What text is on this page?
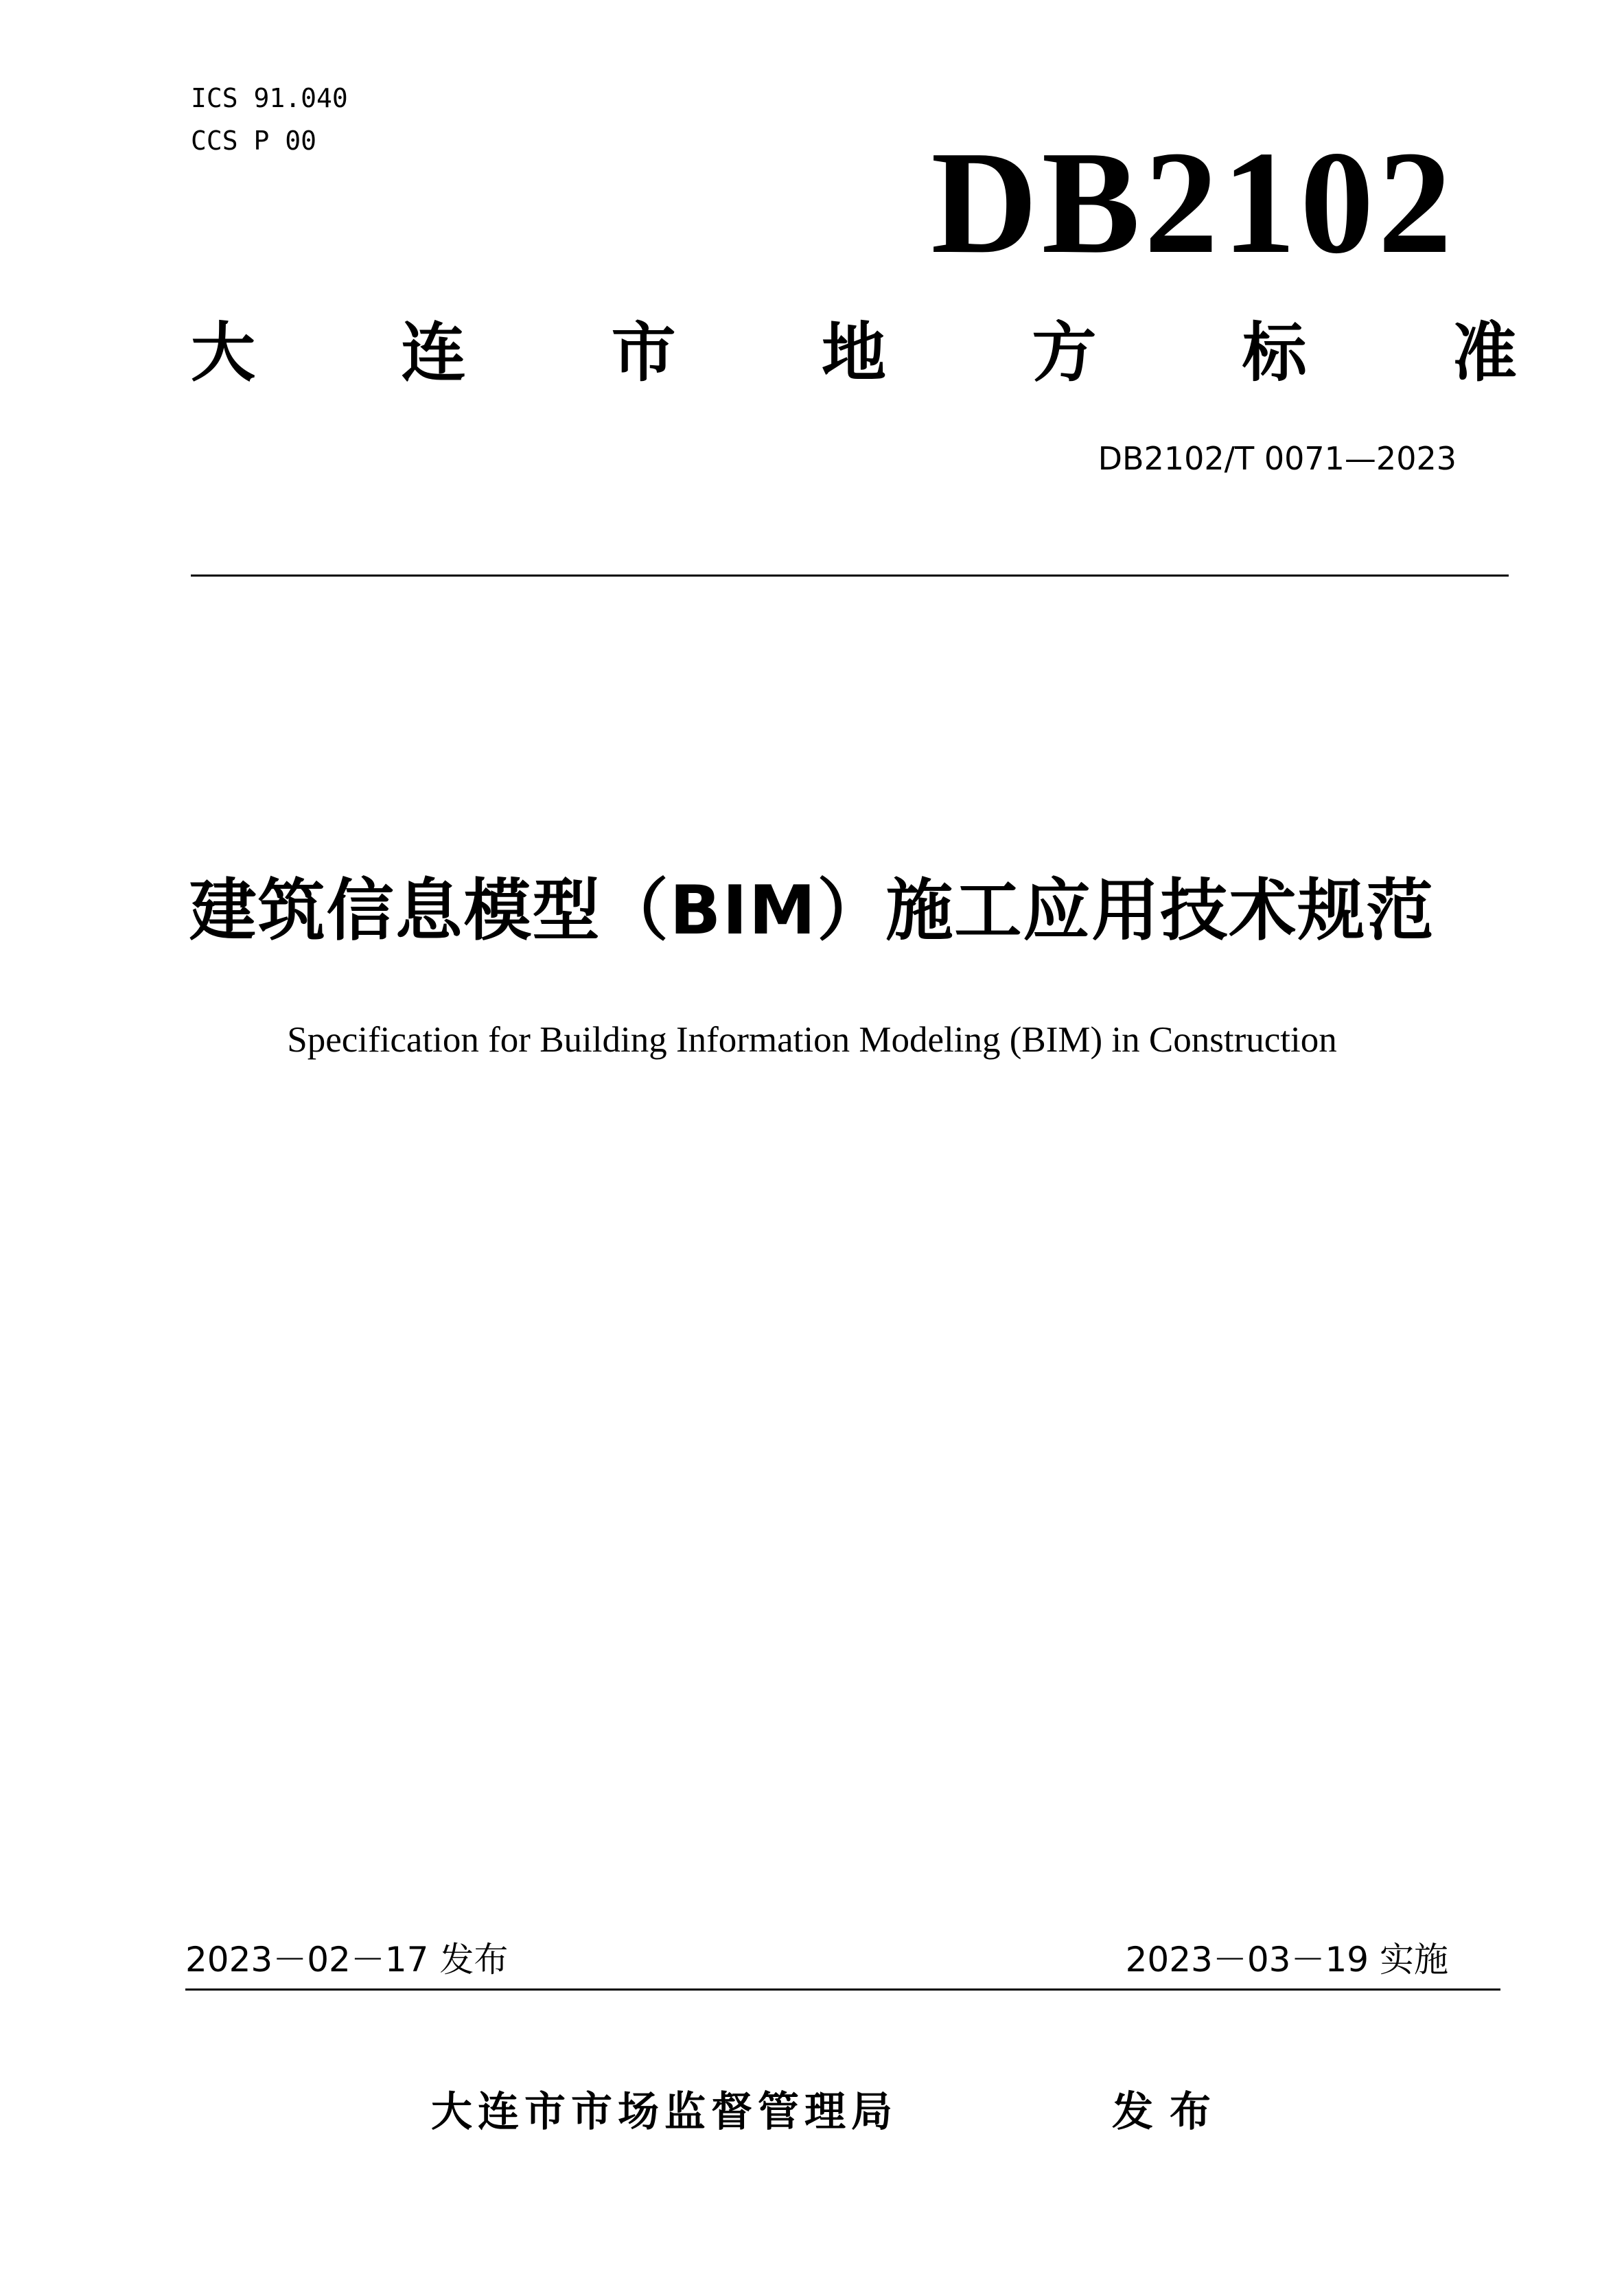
ICS 91.040
CCS P 00	DB2102
大 连 市 地 方 标 准
DB2102/T 0071—2023
建筑信息模型（BIM）施工应用技术规范
Specification for Building Information Modeling (BIM) in Construction
2023－02－17 发布	2023－03－19 实施
大连市市场监督管理局	发布
